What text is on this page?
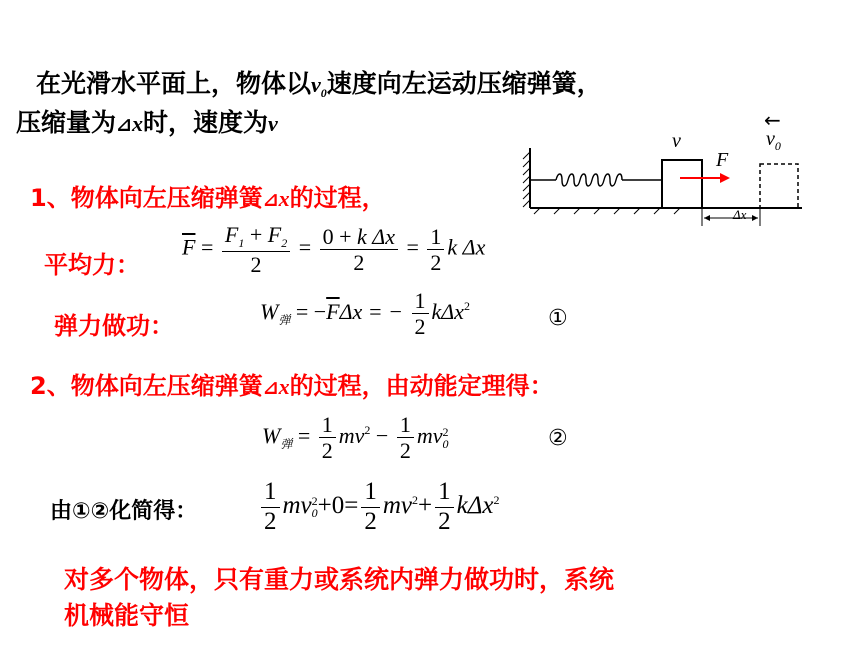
在光滑水平面上，物体以$v_0$速度向左运动压缩弹簧，
压缩量为⊿x时，速度为v
v
F
←
$v_0$
Δx
1、物体向左压缩弹簧⊿x的过程，
平均力：
$\overline{F} = \frac{F_1 + F_2}{2} = \frac{\text{0 + k Δx}}{2} = \frac{1}{2}$ k Δx
弹力做功：
$W_弹 = -\overline{F}\Delta x$ = − $\frac{1}{2} k\Delta x^2$
①
2、物体向左压缩弹簧⊿x的过程，由动能定理得：
$W_弹 = \frac{1}{2} mv^2 - \frac{1}{2}$ mv 2
0	②
由①②化简得：	$\frac{1}{2}$ mv 2
$0 +0= \frac{1}{2} mv^2+ \frac{1}{2} k\Delta x^2$
对多个物体，只有重力或系统内弹力做功时，系统
机械能守恒
